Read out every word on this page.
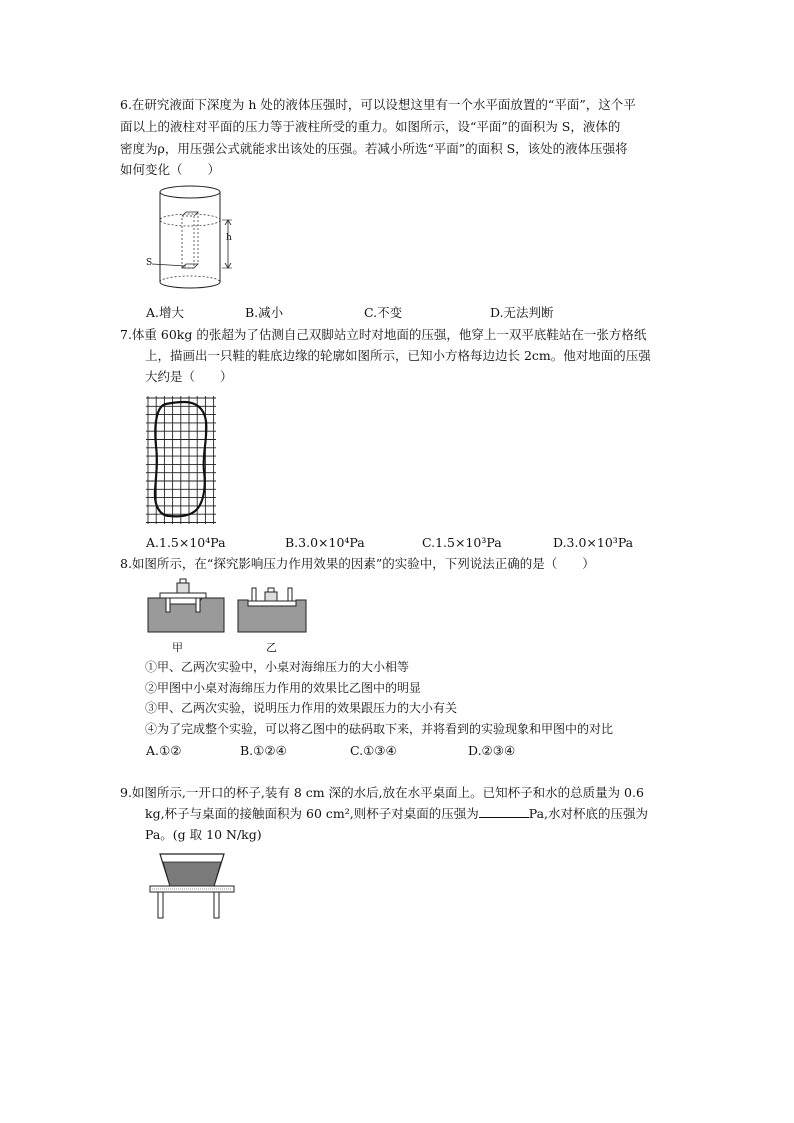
6.在研究液面下深度为 h 处的液体压强时，可以设想这里有一个水平面放置的“平面”，这个平
面以上的液柱对平面的压力等于液柱所受的重力。如图所示，设“平面”的面积为 S，液体的
密度为ρ，用压强公式就能求出该处的压强。若减小所选“平面”的面积 S，该处的液体压强将
如何变化（　　）
h
S
A.增大	B.减小	C.不变	D.无法判断
7.体重 60kg 的张超为了估测自己双脚站立时对地面的压强，他穿上一双平底鞋站在一张方格纸
上，描画出一只鞋的鞋底边缘的轮廓如图所示，已知小方格每边边长 2cm。他对地面的压强
大约是（　　）
A.1.5×10⁴Pa	B.3.0×10⁴Pa	C.1.5×10³Pa	D.3.0×10³Pa
8.如图所示，在“探究影响压力作用效果的因素”的实验中，下列说法正确的是（　　）
甲	乙
①甲、乙两次实验中，小桌对海绵压力的大小相等
②甲图中小桌对海绵压力作用的效果比乙图中的明显
③甲、乙两次实验，说明压力作用的效果跟压力的大小有关
④为了完成整个实验，可以将乙图中的砝码取下来，并将看到的实验现象和甲图中的对比
A.①②	B.①②④	C.①③④	D.②③④
9.如图所示,一开口的杯子,装有 8 cm 深的水后,放在水平桌面上。已知杯子和水的总质量为 0.6
kg,杯子与桌面的接触面积为 60 cm²,则杯子对桌面的压强为	Pa,水对杯底的压强为
Pa。(g 取 10 N/kg)
